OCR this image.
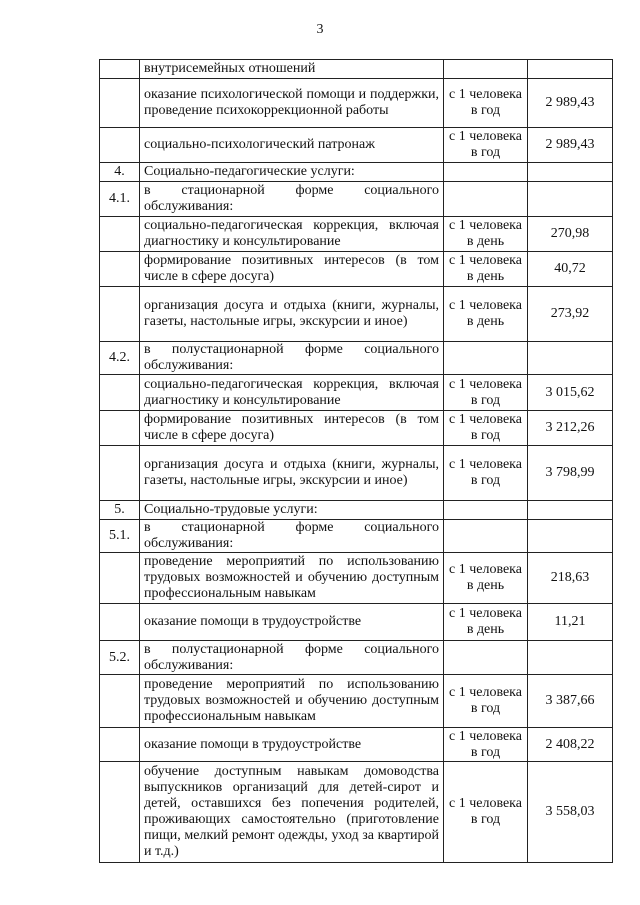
3
	внутрисемейных отношений		
	оказание психологической помощи и поддержки, проведение психокоррекционной работы	с 1 человека в год	2 989,43
	социально-психологический патронаж	с 1 человека в год	2 989,43
4.	Социально-педагогические услуги:		
4.1.	в стационарной форме социального обслуживания:		
	социально-педагогическая коррекция, включая диагностику и консультирование	с 1 человека в день	270,98
	формирование позитивных интересов (в том числе в сфере досуга)	с 1 человека в день	40,72
	организация досуга и отдыха (книги, журналы, газеты, настольные игры, экскурсии и иное)	с 1 человека в день	273,92
4.2.	в полустационарной форме социального обслуживания:		
	социально-педагогическая коррекция, включая диагностику и консультирование	с 1 человека в год	3 015,62
	формирование позитивных интересов (в том числе в сфере досуга)	с 1 человека в год	3 212,26
	организация досуга и отдыха (книги, журналы, газеты, настольные игры, экскурсии и иное)	с 1 человека в год	3 798,99
5.	Социально-трудовые услуги:		
5.1.	в стационарной форме социального обслуживания:		
	проведение мероприятий по использованию трудовых возможностей и обучению доступным профессиональным навыкам	с 1 человека в день	218,63
	оказание помощи в трудоустройстве	с 1 человека в день	11,21
5.2.	в полустационарной форме социального обслуживания:		
	проведение мероприятий по использованию трудовых возможностей и обучению доступным профессиональным навыкам	с 1 человека в год	3 387,66
	оказание помощи в трудоустройстве	с 1 человека в год	2 408,22
	обучение доступным навыкам домоводства выпускников организаций для детей-сирот и детей, оставшихся без попечения родителей, проживающих самостоятельно (приготовление пищи, мелкий ремонт одежды, уход за квартирой и т.д.)	с 1 человека в год	3 558,03
